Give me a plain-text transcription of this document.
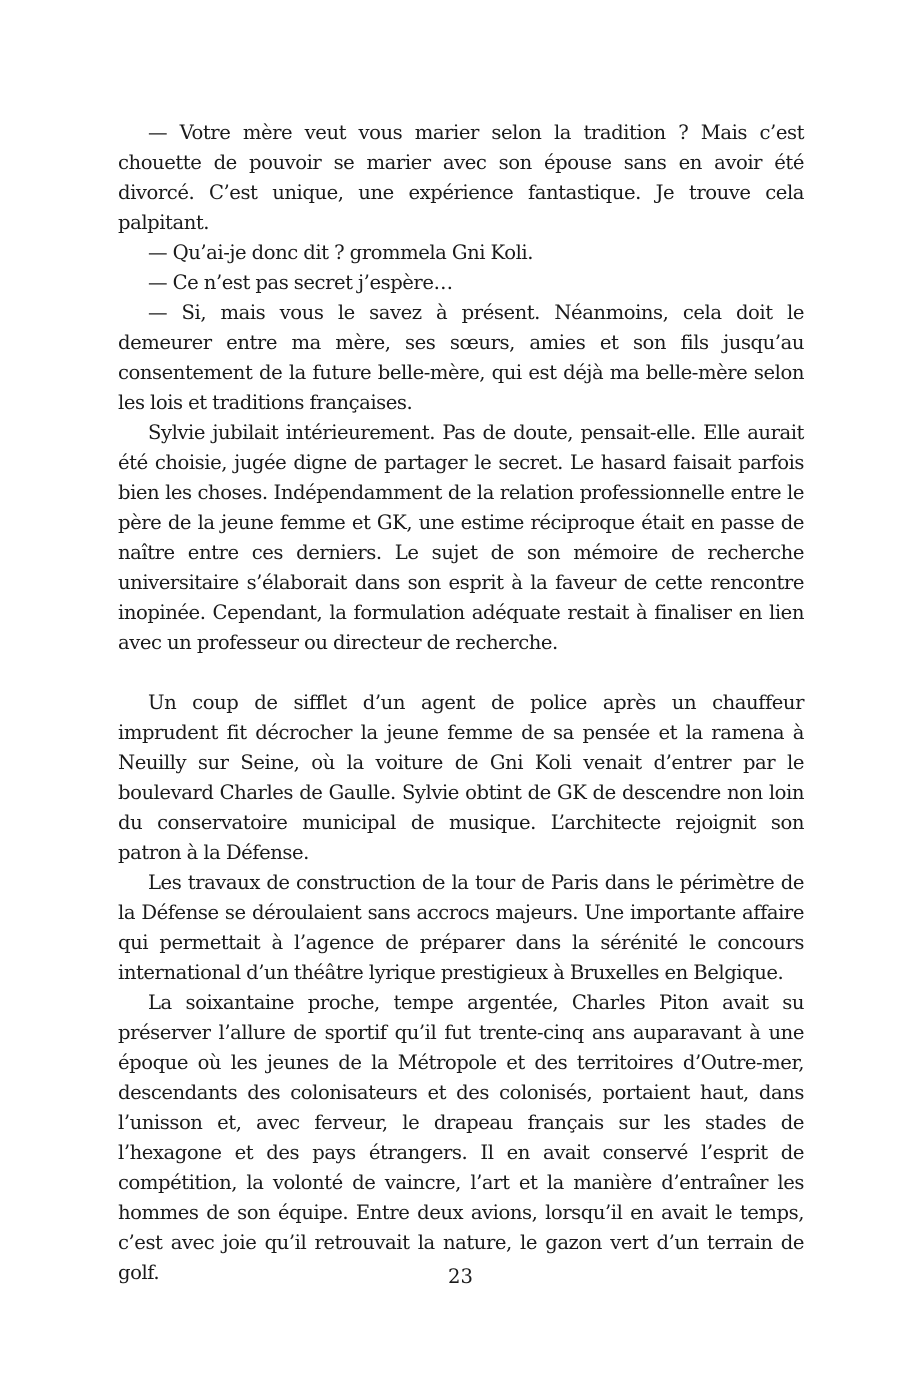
— Votre mère veut vous marier selon la tradition ? Mais c’est chouette de pouvoir se marier avec son épouse sans en avoir été divorcé. C’est unique, une expérience fantastique. Je trouve cela palpitant.

— Qu’ai-je donc dit ? grommela Gni Koli.

— Ce n’est pas secret j’espère…

— Si, mais vous le savez à présent. Néanmoins, cela doit le demeurer entre ma mère, ses sœurs, amies et son fils jusqu’au consentement de la future belle-mère, qui est déjà ma belle-mère selon les lois et traditions françaises.

Sylvie jubilait intérieurement. Pas de doute, pensait-elle. Elle aurait été choisie, jugée digne de partager le secret. Le hasard faisait parfois bien les choses. Indépendamment de la relation professionnelle entre le père de la jeune femme et GK, une estime réciproque était en passe de naître entre ces derniers. Le sujet de son mémoire de recherche universitaire s’élaborait dans son esprit à la faveur de cette rencontre inopinée. Cependant, la formulation adéquate restait à finaliser en lien avec un professeur ou directeur de recherche.

Un coup de sifflet d’un agent de police après un chauffeur imprudent fit décrocher la jeune femme de sa pensée et la ramena à Neuilly sur Seine, où la voiture de Gni Koli venait d’entrer par le boulevard Charles de Gaulle. Sylvie obtint de GK de descendre non loin du conservatoire municipal de musique. L’architecte rejoignit son patron à la Défense.

Les travaux de construction de la tour de Paris dans le périmètre de la Défense se déroulaient sans accrocs majeurs. Une importante affaire qui permettait à l’agence de préparer dans la sérénité le concours international d’un théâtre lyrique prestigieux à Bruxelles en Belgique.

La soixantaine proche, tempe argentée, Charles Piton avait su préserver l’allure de sportif qu’il fut trente-cinq ans auparavant à une époque où les jeunes de la Métropole et des territoires d’Outre-mer, descendants des colonisateurs et des colonisés, portaient haut, dans l’unisson et, avec ferveur, le drapeau français sur les stades de l’hexagone et des pays étrangers. Il en avait conservé l’esprit de compétition, la volonté de vaincre, l’art et la manière d’entraîner les hommes de son équipe. Entre deux avions, lorsqu’il en avait le temps, c’est avec joie qu’il retrouvait la nature, le gazon vert d’un terrain de golf.	23
